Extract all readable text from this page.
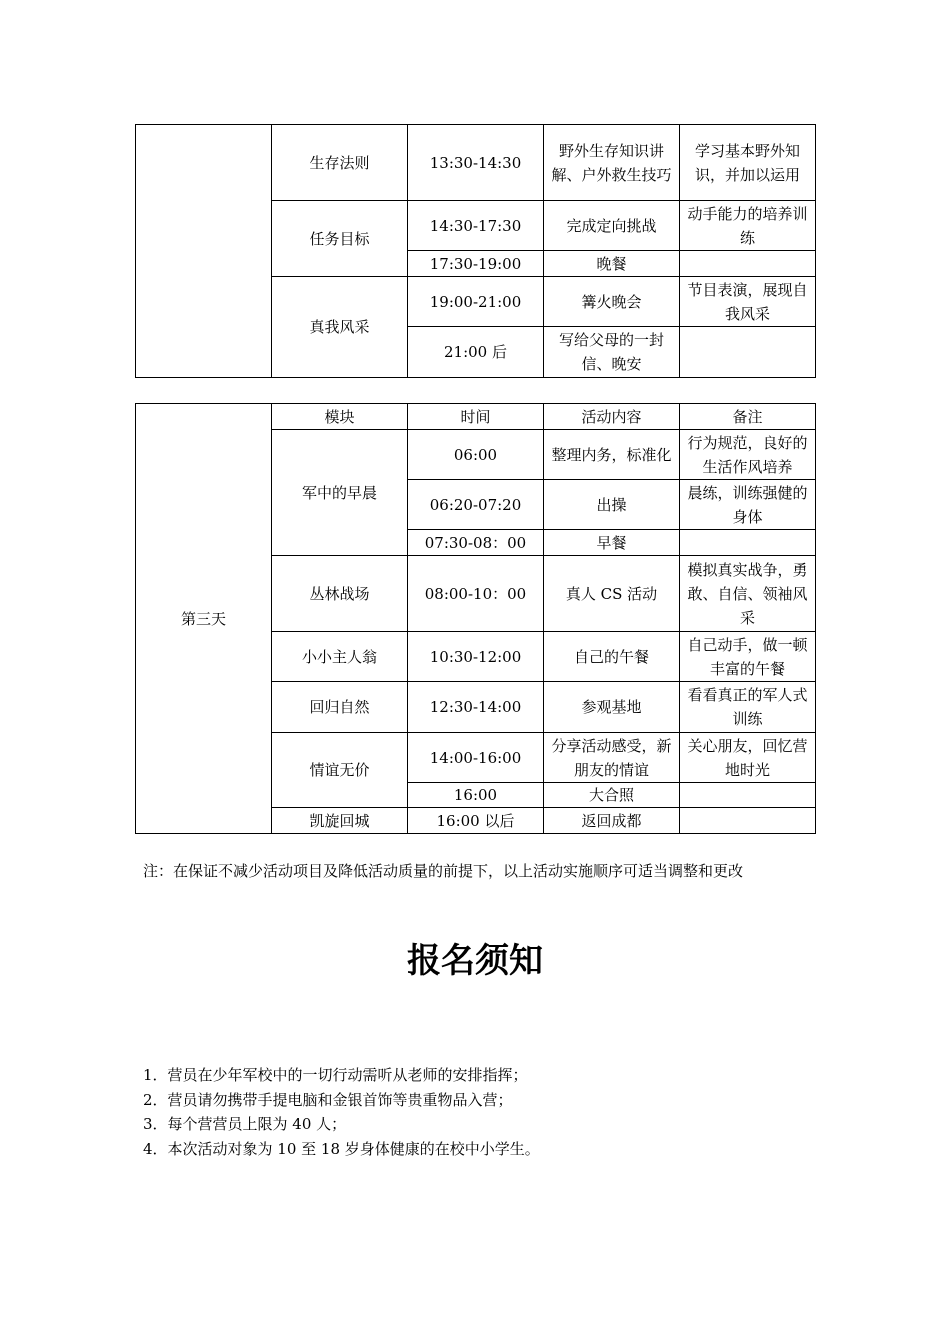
	生存法则	13:30-14:30	野外生存知识讲解、户外救生技巧	学习基本野外知识，并加以运用
	任务目标	14:30-17:30	完成定向挑战	动手能力的培养训练
		17:30-19:00	晚餐	
	真我风采	19:00-21:00	篝火晚会	节目表演，展现自我风采
		21:00 后	写给父母的一封信、晚安	
第三天	模块	时间	活动内容	备注
	军中的早晨	06:00	整理内务，标准化	行为规范，良好的生活作风培养
		06:20-07:20	出操	晨练，训练强健的身体
		07:30-08：00	早餐	
	丛林战场	08:00-10：00	真人 CS 活动	模拟真实战争，勇敢、自信、领袖风采
	小小主人翁	10:30-12:00	自己的午餐	自己动手，做一顿丰富的午餐
	回归自然	12:30-14:00	参观基地	看看真正的军人式训练
	情谊无价	14:00-16:00	分享活动感受，新朋友的情谊	关心朋友，回忆营地时光
		16:00	大合照	
	凯旋回城	16:00 以后	返回成都	
注：在保证不减少活动项目及降低活动质量的前提下，以上活动实施顺序可适当调整和更改
报名须知
1．营员在少年军校中的一切行动需听从老师的安排指挥；
2．营员请勿携带手提电脑和金银首饰等贵重物品入营；
3．每个营营员上限为 40 人；
4．本次活动对象为 10 至 18 岁身体健康的在校中小学生。
